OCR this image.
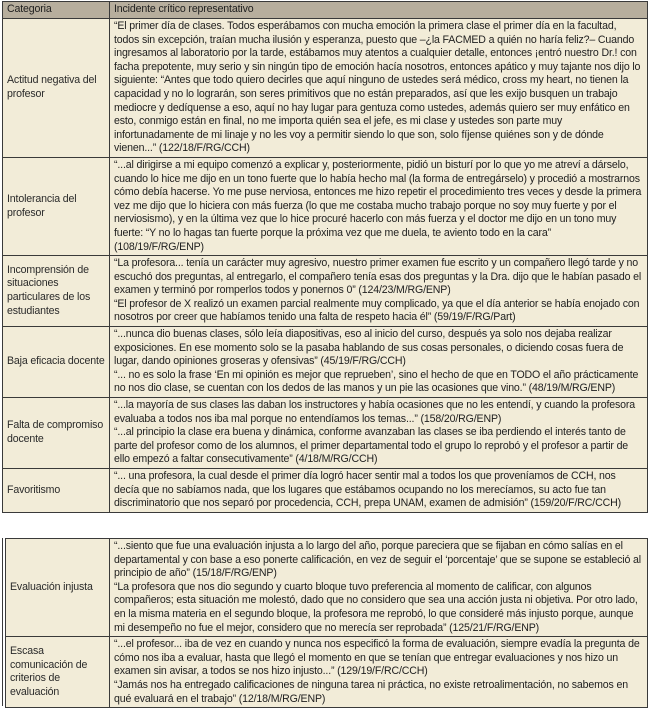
Categoria	Incidente crítico representativo
Actitud negativa del profesor	“El primer día de clases. Todos esperábamos con mucha emoción la primera clase el primer día en la facultad, todos sin excepción, traían mucha ilusión y esperanza, puesto que –¿la FACMED a quién no haría feliz?– Cuando ingresamos al laboratorio por la tarde, estábamos muy atentos a cualquier detalle, entonces ¡entró nuestro Dr.! con facha prepotente, muy serio y sin ningún tipo de emoción hacía nosotros, entonces apático y muy tajante nos dijo lo siguiente: “Antes que todo quiero decirles que aquí ninguno de ustedes será médico, cross my heart, no tienen la capacidad y no lo lograrán, son seres primitivos que no están preparados, así que les exijo busquen un trabajo mediocre y dedíquense a eso, aquí no hay lugar para gentuza como ustedes, además quiero ser muy enfático en esto, conmigo están en final, no me importa quién sea el jefe, es mi clase y ustedes son parte muy infortunadamente de mi linaje y no les voy a permitir siendo lo que son, solo fíjense quiénes son y de dónde vienen...” (122/18/F/RG/CCH)

Intolerancia del profesor	“...al dirigirse a mi equipo comenzó a explicar y, posteriormente, pidió un bisturí por lo que yo me atreví a dárselo, cuando lo hice me dijo en un tono fuerte que lo había hecho mal (la forma de entregárselo) y procedió a mostrarnos cómo debía hacerse. Yo me puse nerviosa, entonces me hizo repetir el procedimiento tres veces y desde la primera vez me dijo que lo hiciera con más fuerza (lo que me costaba mucho trabajo porque no soy muy fuerte y por el nerviosismo), y en la última vez que lo hice procuré hacerlo con más fuerza y el doctor me dijo en un tono muy fuerte: “Y no lo hagas tan fuerte porque la próxima vez que me duela, te aviento todo en la cara” (108/19/F/RG/ENP)

Incomprensión de situaciones particulares de los estudiantes	“La profesora... tenía un carácter muy agresivo, nuestro primer examen fue escrito y un compañero llegó tarde y no escuchó dos preguntas, al entregarlo, el compañero tenía esas dos preguntas y la Dra. dijo que le habían pasado el examen y terminó por romperlos todos y ponernos 0” (124/23/M/RG/ENP)
“El profesor de X realizó un examen parcial realmente muy complicado, ya que el día anterior se había enojado con nosotros por creer que habíamos tenido una falta de respeto hacia él” (59/19/F/RG/Part)

Baja eficacia docente	“...nunca dio buenas clases, sólo leía diapositivas, eso al inicio del curso, después ya solo nos dejaba realizar exposiciones. En ese momento solo se la pasaba hablando de sus cosas personales, o diciendo cosas fuera de lugar, dando opiniones groseras y ofensivas” (45/19/F/RG/CCH)
“... no es solo la frase ‘En mi opinión es mejor que reprueben’, sino el hecho de que en TODO el año prácticamente no nos dio clase, se cuentan con los dedos de las manos y un pie las ocasiones que vino.” (48/19/M/RG/ENP)

Falta de compromiso docente	“...la mayoría de sus clases las daban los instructores y había ocasiones que no les entendí, y cuando la profesora evaluaba a todos nos iba mal porque no entendíamos los temas...” (158/20/RG/ENP)
“...al principio la clase era buena y dinámica, conforme avanzaban las clases se iba perdiendo el interés tanto de parte del profesor como de los alumnos, el primer departamental todo el grupo lo reprobó y el profesor a partir de ello empezó a faltar consecutivamente” (4/18/M/RG/CCH)

Favoritismo	“... una profesora, la cual desde el primer día logró hacer sentir mal a todos los que proveníamos de CCH, nos decía que no sabíamos nada, que los lugares que estábamos ocupando no los merecíamos, su acto fue tan discriminatorio que nos separó por procedencia, CCH, prepa UNAM, examen de admisión” (159/20/F/RC/CCH)
Evaluación injusta	“...siento que fue una evaluación injusta a lo largo del año, porque pareciera que se fijaban en cómo salías en el departamental y con base a eso ponerte calificación, en vez de seguir el ‘porcentaje’ que se supone se estableció al principio de año” (15/18/F/RG/ENP)
“La profesora que nos dio segundo y cuarto bloque tuvo preferencia al momento de calificar, con algunos compañeros; esta situación me molestó, dado que no considero que sea una acción justa ni objetiva. Por otro lado, en la misma materia en el segundo bloque, la profesora me reprobó, lo que consideré más injusto porque, aunque mi desempeño no fue el mejor, considero que no merecía ser reprobada” (125/21/F/RG/ENP)

Escasa comunicación de criterios de evaluación	“...el profesor... iba de vez en cuando y nunca nos especificó la forma de evaluación, siempre evadía la pregunta de cómo nos iba a evaluar, hasta que llegó el momento en que se tenían que entregar evaluaciones y nos hizo un examen sin avisar, a todos se nos hizo injusto...” (129/19/F/RC/CCH)
“Jamás nos ha entregado calificaciones de ninguna tarea ni práctica, no existe retroalimentación, no sabemos en qué evaluará en el trabajo” (12/18/M/RG/ENP)
